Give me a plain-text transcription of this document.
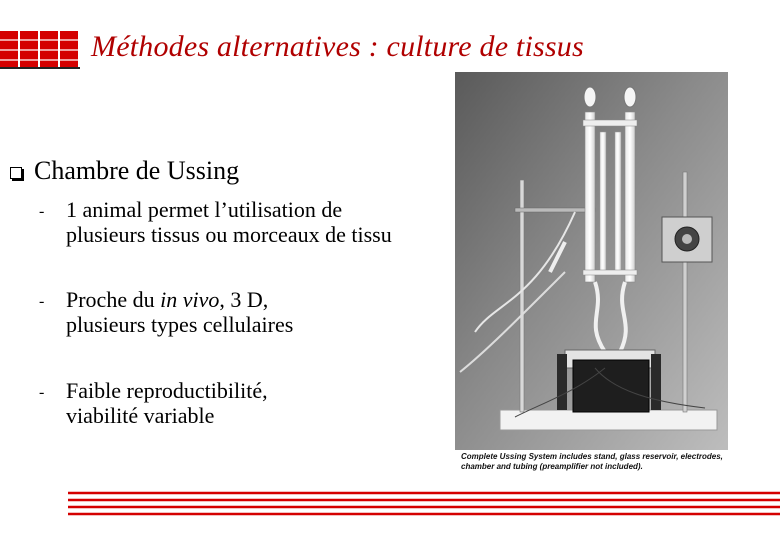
Méthodes alternatives : culture de tissus
Chambre de Ussing
- 1 animal permet l’utilisation de
plusieurs tissus ou morceaux de tissu
- Proche du in vivo, 3 D,
plusieurs types cellulaires
- Faible reproductibilité,
viabilité variable
Complete Ussing System includes stand, glass reservoir, electrodes, chamber and tubing (preamplifier not included).
